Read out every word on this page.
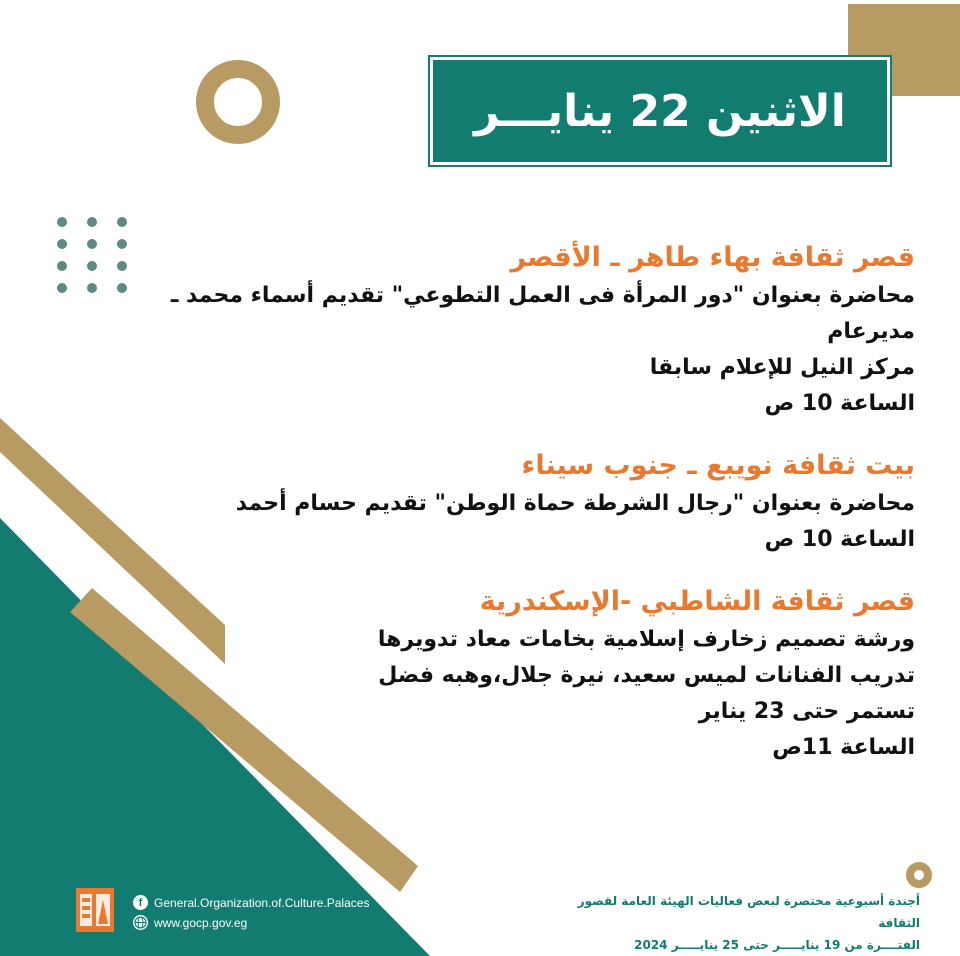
الاثنين 22 ينايـــر

قصر ثقافة بهاء طاهر ـ الأقصر

محاضرة بعنوان "دور المرأة فى العمل التطوعي" تقديم أسماء محمد ـ مديرعام

مركز النيل للإعلام سابقا

الساعة 10 ص

بيت ثقافة نويبع ـ جنوب سيناء

محاضرة بعنوان "رجال الشرطة حماة الوطن" تقديم حسام أحمد

الساعة 10 ص

قصر ثقافة الشاطبي -الإسكندرية

ورشة تصميم زخارف إسلامية بخامات معاد تدويرها

تدريب الفنانات لميس سعيد، نيرة جلال،وهبه فضل

تستمر حتى 23 يناير

الساعة 11ص

f General.Organization.of.Culture.Palaces
www.gocp.gov.eg
أجندة أسبوعية مختصرة لبعض فعاليات الهيئة العامة لقصور الثقافة
الفتــــرة من 19 ينايـــــر حتى 25 ينايـــــر 2024
